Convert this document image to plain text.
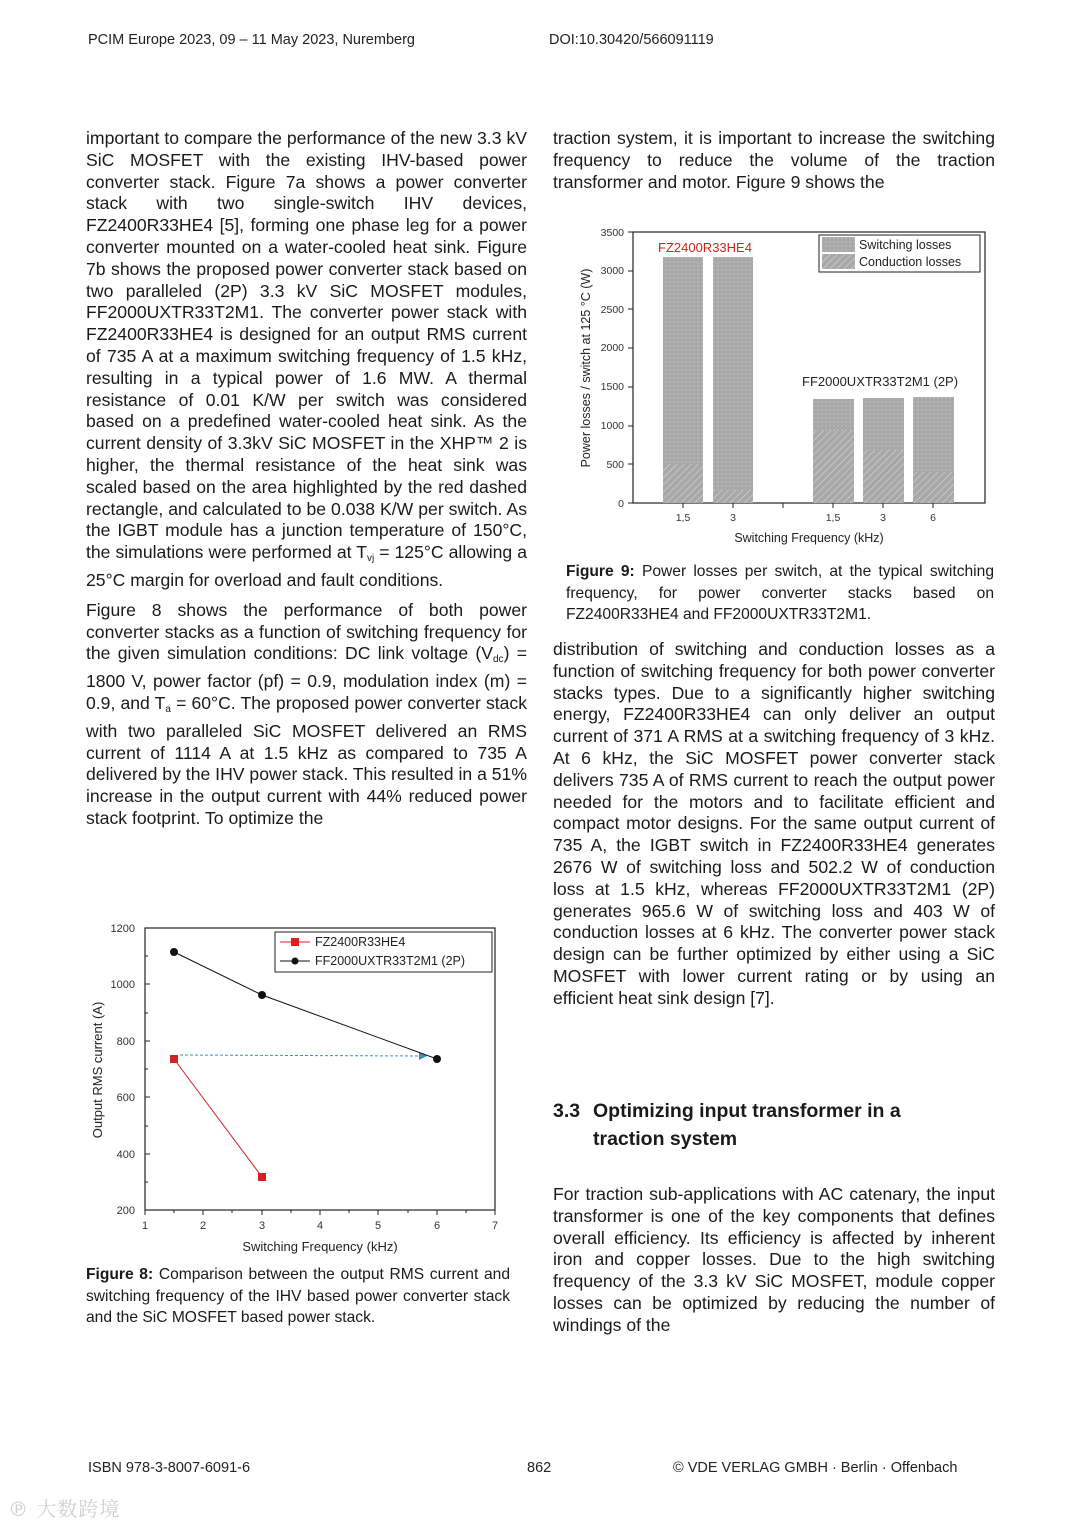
PCIM Europe 2023, 09 – 11 May 2023, Nuremberg	DOI:10.30420/566091119

important to compare the performance of the new 3.3 kV SiC MOSFET with the existing IHV-based power converter stack. Figure 7a shows a power converter stack with two single-switch IHV devices, FZ2400R33HE4 [5], forming one phase leg for a power converter mounted on a water-cooled heat sink. Figure 7b shows the proposed power converter stack based on two paralleled (2P) 3.3 kV SiC MOSFET modules, FF2000UXTR33T2M1. The converter power stack with FZ2400R33HE4 is designed for an output RMS current of 735 A at a maximum switching frequency of 1.5 kHz, resulting in a typical power of 1.6 MW. A thermal resistance of 0.01 K/W per switch was considered based on a predefined water-cooled heat sink. As the current density of 3.3kV SiC MOSFET in the XHP™ 2 is higher, the thermal resistance of the heat sink was scaled based on the area highlighted by the red dashed rectangle, and calculated to be 0.038 K/W per switch. As the IGBT module has a junction temperature of 150°C, the simulations were performed at $T_{vj} = 125^\circ C$ allowing a 25°C margin for overload and fault conditions.

Figure 8 shows the performance of both power converter stacks as a function of switching frequency for the given simulation conditions: DC link voltage $(V_{dc}) = 1800$ V, power factor (pf) = 0.9, modulation index (m) = 0.9, and $T_a = 60^\circ C$. The proposed power converter stack with two paralleled SiC MOSFET delivered an RMS current of 1114 A at 1.5 kHz as compared to 735 A delivered by the IHV power stack. This resulted in a 51% increase in the output current with 44% reduced power stack footprint. To optimize the

1200
1000
800
600
400
200
1	2	3	4	5	6	7
Switching Frequency (kHz)
Output RMS current (A)
FZ2400R33HE4
FF2000UXTR33T2M1 (2P)
Figure 8: Comparison between the output RMS current and switching frequency of the IHV based power converter stack and the SiC MOSFET based power stack.

traction system, it is important to increase the switching frequency to reduce the volume of the traction transformer and motor. Figure 9 shows the

3500
3000
2500
2000
1500
1000
500
0
1,5	3	1,5	3	6
Switching Frequency (kHz)
Power losses / switch at 125 °C (W)
FZ2400R33HE4
FF2000UXTR33T2M1 (2P)
Switching losses
Conduction losses
Figure 9: Power losses per switch, at the typical switching frequency, for power converter stacks based on FZ2400R33HE4 and FF2000UXTR33T2M1.

distribution of switching and conduction losses as a function of switching frequency for both power converter stacks types. Due to a significantly higher switching energy, FZ2400R33HE4 can only deliver an output current of 371 A RMS at a switching frequency of 3 kHz. At 6 kHz, the SiC MOSFET power converter stack delivers 735 A of RMS current to reach the output power needed for the motors and to facilitate efficient and compact motor designs. For the same output current of 735 A, the IGBT switch in FZ2400R33HE4 generates 2676 W of switching loss and 502.2 W of conduction loss at 1.5 kHz, whereas FF2000UXTR33T2M1 (2P) generates 965.6 W of switching loss and 403 W of conduction losses at 6 kHz. The converter power stack design can be further optimized by either using a SiC MOSFET with lower current rating or by using an efficient heat sink design [7].

3.3 Optimizing input transformer in a
traction system

For traction sub-applications with AC catenary, the input transformer is one of the key components that defines overall efficiency. Its efficiency is affected by inherent iron and copper losses. Due to the high switching frequency of the 3.3 kV SiC MOSFET, module copper losses can be optimized by reducing the number of windings of the

ISBN 978-3-8007-6091-6	862	© VDE VERLAG GMBH · Berlin · Offenbach
℗ 大数跨境
